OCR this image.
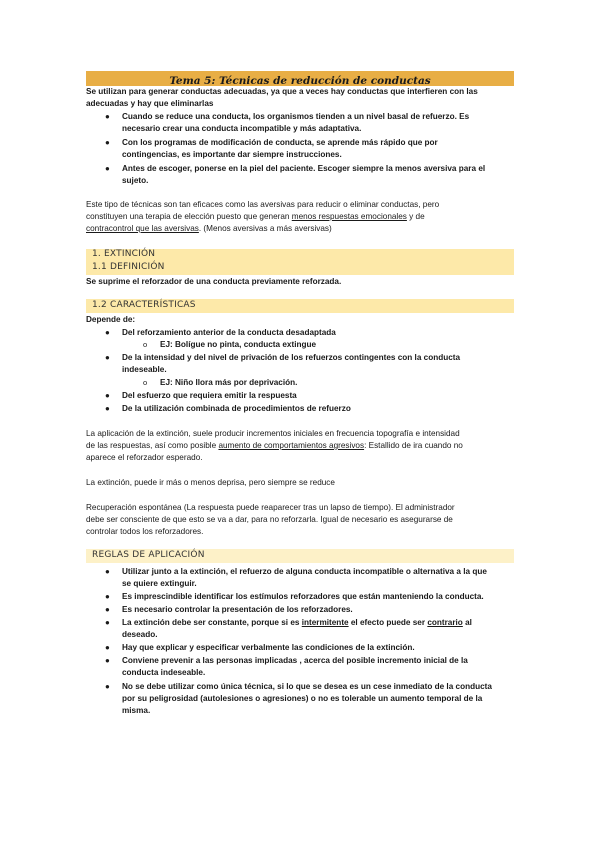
Tema 5: Técnicas de reducción de conductas
Se utilizan para generar conductas adecuadas, ya que a veces hay conductas que interfieren con las
adecuadas y hay que eliminarlas
● Cuando se reduce una conducta, los organismos tienden a un nivel basal de refuerzo. Es
necesario crear una conducta incompatible y más adaptativa.
● Con los programas de modificación de conducta, se aprende más rápido que por
contingencias, es importante dar siempre instrucciones.
● Antes de escoger, ponerse en la piel del paciente. Escoger siempre la menos aversiva para el
sujeto.
Este tipo de técnicas son tan eficaces como las aversivas para reducir o eliminar conductas, pero
constituyen una terapia de elección puesto que generan menos respuestas emocionales y de
contracontrol que las aversivas. (Menos aversivas a más aversivas)
1. EXTINCIÓN
1.1 DEFINICIÓN
Se suprime el reforzador de una conducta previamente reforzada.
1.2 CARACTERÍSTICAS
Depende de:
● Del reforzamiento anterior de la conducta desadaptada
o EJ: Bolígue no pinta, conducta extingue
● De la intensidad y del nivel de privación de los refuerzos contingentes con la conducta
indeseable.
o EJ: Niño llora más por deprivación.
● Del esfuerzo que requiera emitir la respuesta
● De la utilización combinada de procedimientos de refuerzo
La aplicación de la extinción, suele producir incrementos iniciales en frecuencia topografía e intensidad
de las respuestas, así como posible aumento de comportamientos agresivos: Estallido de ira cuando no
aparece el reforzador esperado.
La extinción, puede ir más o menos deprisa, pero siempre se reduce
Recuperación espontánea (La respuesta puede reaparecer tras un lapso de tiempo). El administrador
debe ser consciente de que esto se va a dar, para no reforzarla. Igual de necesario es asegurarse de
controlar todos los reforzadores.
REGLAS DE APLICACIÓN
● Utilizar junto a la extinción, el refuerzo de alguna conducta incompatible o alternativa a la que
se quiere extinguir.
● Es imprescindible identificar los estímulos reforzadores que están manteniendo la conducta.
● Es necesario controlar la presentación de los reforzadores.
● La extinción debe ser constante, porque si es intermitente el efecto puede ser contrario al
deseado.
● Hay que explicar y especificar verbalmente las condiciones de la extinción.
● Conviene prevenir a las personas implicadas , acerca del posible incremento inicial de la
conducta indeseable.
● No se debe utilizar como única técnica, si lo que se desea es un cese inmediato de la conducta
por su peligrosidad (autolesiones o agresiones) o no es tolerable un aumento temporal de la
misma.
